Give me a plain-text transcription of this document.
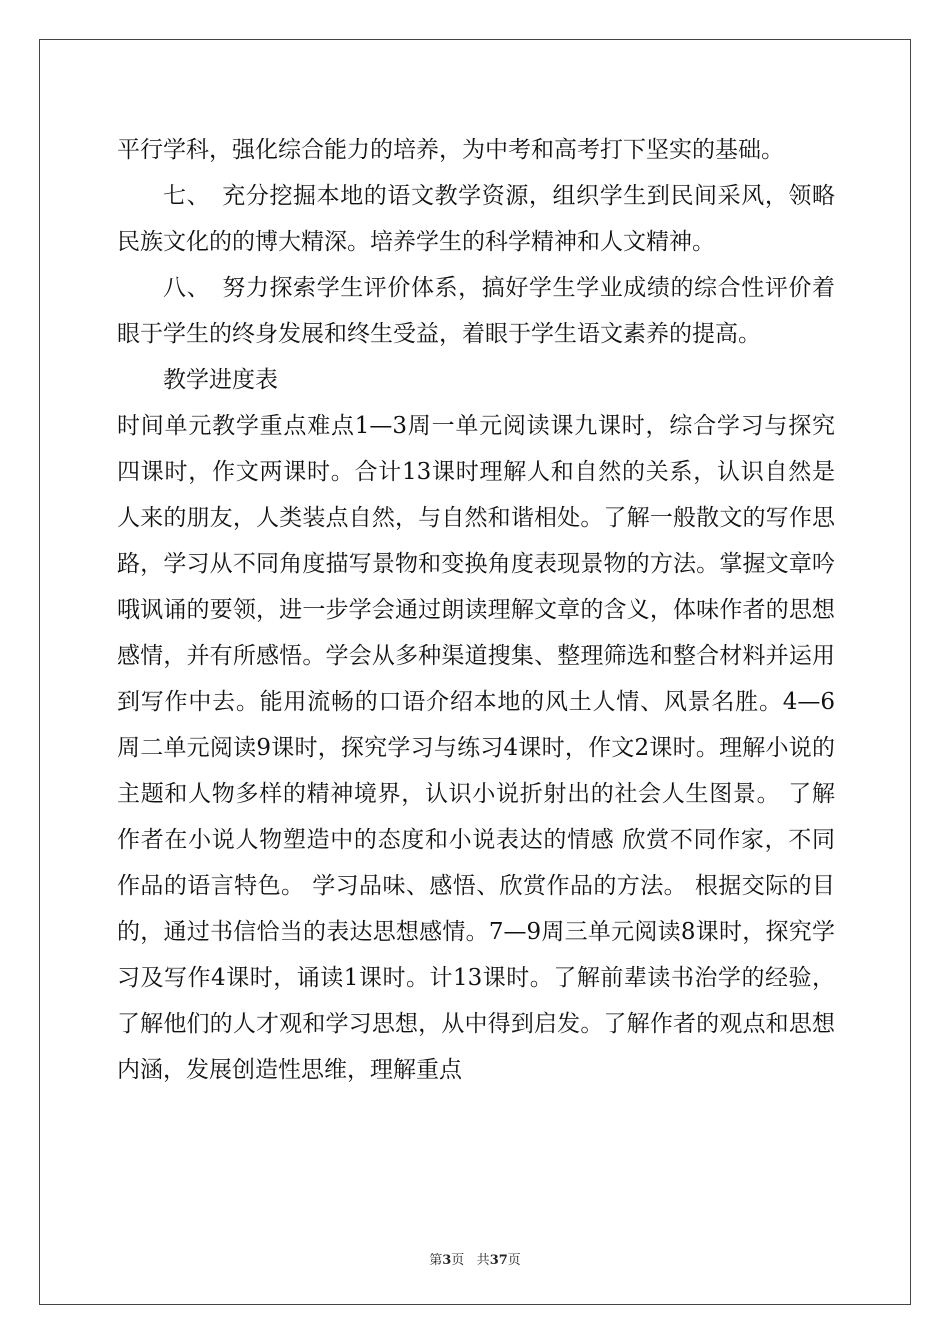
平行学科，强化综合能力的培养，为中考和高考打下坚实的基础。

七、　充分挖掘本地的语文教学资源，组织学生到民间采风，领略民族文化的的博大精深。培养学生的科学精神和人文精神。

八、　努力探索学生评价体系，搞好学生学业成绩的综合性评价着眼于学生的终身发展和终生受益，着眼于学生语文素养的提高。

教学进度表

时间单元教学重点难点1—3周一单元阅读课九课时，综合学习与探究四课时，作文两课时。合计13课时理解人和自然的关系，认识自然是人来的朋友，人类装点自然，与自然和谐相处。了解一般散文的写作思路，学习从不同角度描写景物和变换角度表现景物的方法。掌握文章吟哦讽诵的要领，进一步学会通过朗读理解文章的含义，体味作者的思想感情，并有所感悟。学会从多种渠道搜集、整理筛选和整合材料并运用到写作中去。能用流畅的口语介绍本地的风土人情、风景名胜。4—6周二单元阅读9课时，探究学习与练习4课时，作文2课时。理解小说的主题和人物多样的精神境界，认识小说折射出的社会人生图景。 了解作者在小说人物塑造中的态度和小说表达的情感 欣赏不同作家，不同作品的语言特色。 学习品味、感悟、欣赏作品的方法。 根据交际的目的，通过书信恰当的表达思想感情。7—9周三单元阅读8课时，探究学习及写作4课时，诵读1课时。计13课时。了解前辈读书治学的经验，了解他们的人才观和学习思想，从中得到启发。了解作者的观点和思想内涵，发展创造性思维，理解重点

第3页 共37页
